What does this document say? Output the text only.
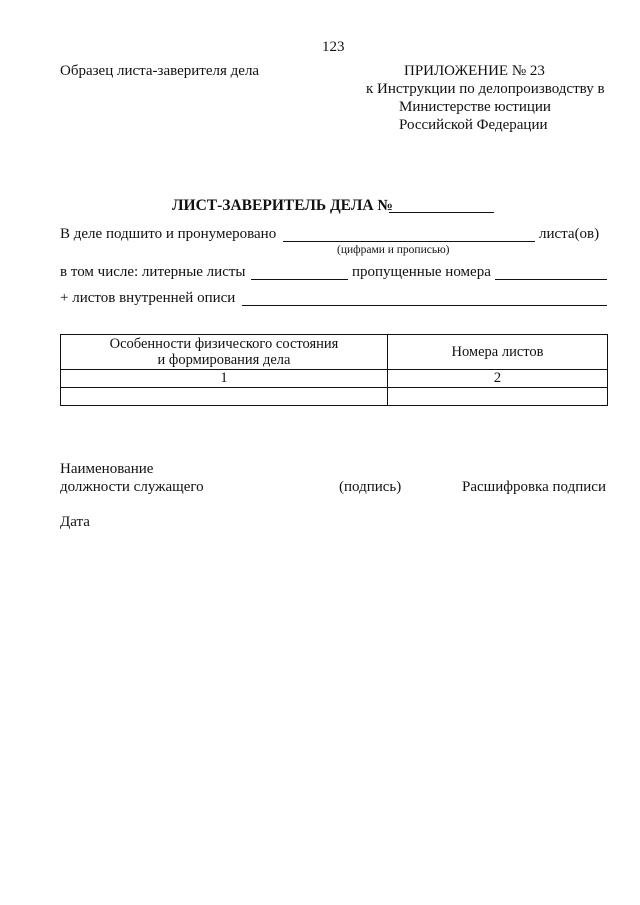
123
Образец листа-заверителя дела	ПРИЛОЖЕНИЕ № 23
к Инструкции по делопроизводству в
Министерстве юстиции
Российской Федерации
ЛИСТ-ЗАВЕРИТЕЛЬ ДЕЛА №
В деле подшито и пронумеровано	листа(ов)
(цифрами и прописью)
в том числе: литерные листы	пропущенные номера
+ листов внутренней описи
Особенности физического состояния
и формирования дела	Номера листов
1	2

Наименование
должности служащего	(подпись)	Расшифровка подписи
Дата
